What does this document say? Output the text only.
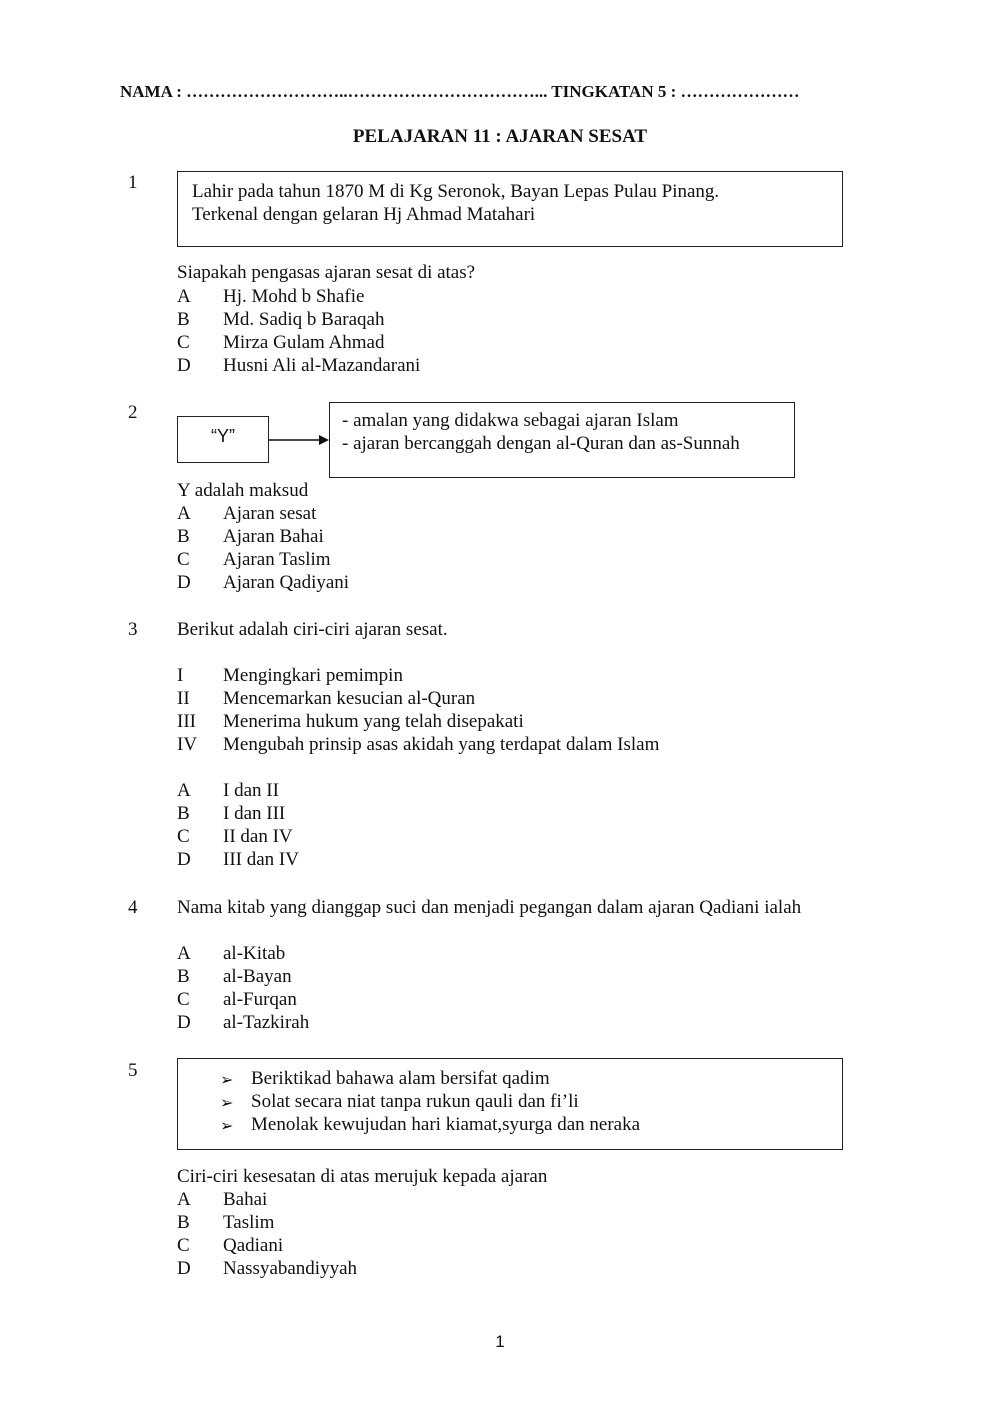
NAMA : ………………………..……………………………... TINGKATAN 5 : …………………
PELAJARAN 11 : AJARAN SESAT
1	Lahir pada tahun 1870 M di Kg Seronok, Bayan Lepas Pulau Pinang.
Terkenal dengan gelaran Hj Ahmad Matahari
Siapakah pengasas ajaran sesat di atas?
A Hj. Mohd b Shafie
B Md. Sadiq b Baraqah
C Mirza Gulam Ahmad
D Husni Ali al-Mazandarani
2
“Y”
- amalan yang didakwa sebagai ajaran Islam
- ajaran bercanggah dengan al-Quran dan as-Sunnah
Y adalah maksud
A Ajaran sesat
B Ajaran Bahai
C Ajaran Taslim
D Ajaran Qadiyani
3 Berikut adalah ciri-ciri ajaran sesat.
I Mengingkari pemimpin
II Mencemarkan kesucian al-Quran
III Menerima hukum yang telah disepakati
IV Mengubah prinsip asas akidah yang terdapat dalam Islam
A I dan II
B I dan III
C II dan IV
D III dan IV
4 Nama kitab yang dianggap suci dan menjadi pegangan dalam ajaran Qadiani ialah
A al-Kitab
B al-Bayan
C al-Furqan
D al-Tazkirah
5	➢ Beriktikad bahawa alam bersifat qadim
➢ Solat secara niat tanpa rukun qauli dan fi’li
➢ Menolak kewujudan hari kiamat,syurga dan neraka
Ciri-ciri kesesatan di atas merujuk kepada ajaran
A Bahai
B Taslim
C Qadiani
D Nassyabandiyyah
1
